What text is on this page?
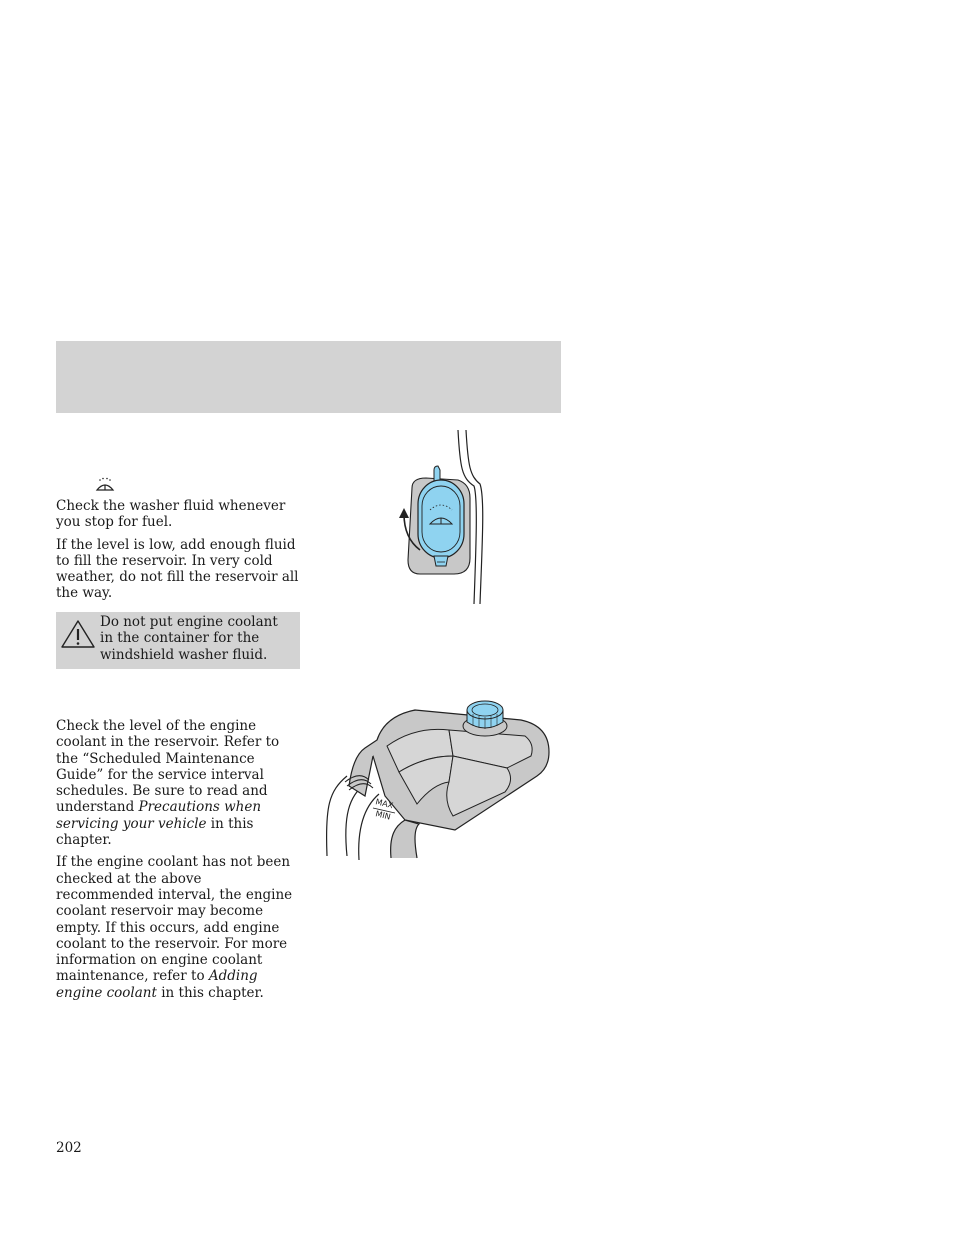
Check the washer fluid whenever you stop for fuel.

If the level is low, add enough fluid to fill the reservoir. In very cold weather, do not fill the reservoir all the way.

Do not put engine coolant in the container for the windshield washer fluid.

Check the level of the engine coolant in the reservoir. Refer to the “Scheduled Maintenance Guide” for the service interval schedules. Be sure to read and understand Precautions when servicing your vehicle in this chapter.

If the engine coolant has not been checked at the above recommended interval, the engine coolant reservoir may become empty. If this occurs, add engine coolant to the reservoir. For more information on engine coolant maintenance, refer to Adding engine coolant in this chapter.

MAX
MIN
202
